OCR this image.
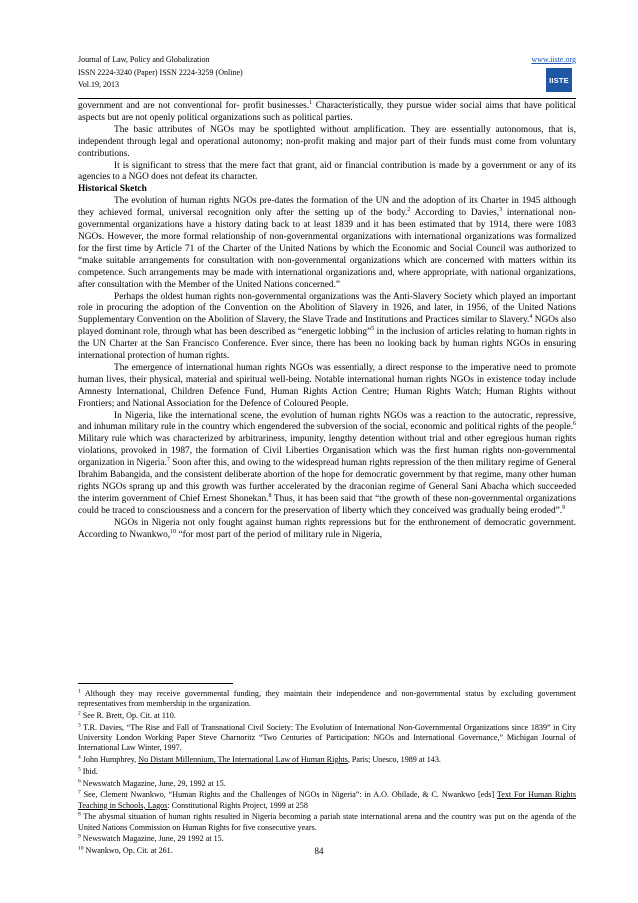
Journal of Law, Policy and Globalization
ISSN 2224-3240 (Paper) ISSN 2224-3259 (Online)
Vol.19, 2013
www.iiste.org
IISTE

government and are not conventional for- profit businesses.$^1$ Characteristically, they pursue wider social aims that have political aspects but are not openly political organizations such as political parties.

The basic attributes of NGOs may be spotlighted without amplification. They are essentially autonomous, that is, independent through legal and operational autonomy; non-profit making and major part of their funds must come from voluntary contributions.

It is significant to stress that the mere fact that grant, aid or financial contribution is made by a government or any of its agencies to a NGO does not defeat its character.

Historical Sketch

The evolution of human rights NGOs pre-dates the formation of the UN and the adoption of its Charter in 1945 although they achieved formal, universal recognition only after the setting up of the body.$^2$ According to Davies,$^3$ international non-governmental organizations have a history dating back to at least 1839 and it has been estimated that by 1914, there were 1083 NGOs. However, the more formal relationship of non-governmental organizations with international organizations was formalized for the first time by Article 71 of the Charter of the United Nations by which the Economic and Social Council was authorized to “make suitable arrangements for consultation with non-governmental organizations which are concerned with matters within its competence. Such arrangements may be made with international organizations and, where appropriate, with national organizations, after consultation with the Member of the United Nations concerned.”

Perhaps the oldest human rights non-governmental organizations was the Anti-Slavery Society which played an important role in procuring the adoption of the Convention on the Abolition of Slavery in 1926, and later, in 1956, of the United Nations Supplementary Convention on the Abolition of Slavery, the Slave Trade and Institutions and Practices similar to Slavery.$^4$ NGOs also played dominant role, through what has been described as “energetic lobbing”$^5$ in the inclusion of articles relating to human rights in the UN Charter at the San Francisco Conference. Ever since, there has been no looking back by human rights NGOs in ensuring international protection of human rights.

The emergence of international human rights NGOs was essentially, a direct response to the imperative need to promote human lives, their physical, material and spiritual well-being. Notable international human rights NGOs in existence today include Amnesty International, Children Defence Fund, Human Rights Action Centre; Human Rights Watch; Human Rights without Frontiers; and National Association for the Defence of Coloured People.

In Nigeria, like the international scene, the evolution of human rights NGOs was a reaction to the autocratic, repressive, and inhuman military rule in the country which engendered the subversion of the social, economic and political rights of the people.$^6$ Military rule which was characterized by arbitrariness, impunity, lengthy detention without trial and other egregious human rights violations, provoked in 1987, the formation of Civil Liberties Organisation which was the first human rights non-governmental organization in Nigeria.$^7$ Soon after this, and owing to the widespread human rights repression of the then military regime of General Ibrahim Babangida, and the consistent deliberate abortion of the hope for democratic government by that regime, many other human rights NGOs sprang up and this growth was further accelerated by the draconian regime of General Sani Abacha which succeeded the interim government of Chief Ernest Shonekan.$^8$ Thus, it has been said that “the growth of these non-governmental organizations could be traced to consciousness and a concern for the preservation of liberty which they conceived was gradually being eroded”.$^9$

NGOs in Nigeria not only fought against human rights repressions but for the enthronement of democratic government. According to Nwankwo,$^{10}$ “for most part of the period of military rule in Nigeria,

$^1$ Although they may receive governmental funding, they maintain their independence and non-governmental status by excluding government representatives from membership in the organization.

$^2$ See R. Brett, Op. Cit. at 110.

$^3$ T.R. Davies, “The Rise and Fall of Transnational Civil Society: The Evolution of International Non-Governmental Organizations since 1839” in City University London Working Paper Steve Charnoritz “Two Centuries of Participation: NGOs and International Governance,” Michigan Journal of International Law Winter, 1997.

$^4$ John Humphrey, No Distant Millennium, The International Law of Human Rights, Paris; Unesco, 1989 at 143.

$^5$ Ibid.

$^6$ Newswatch Magazine, June, 29, 1992 at 15.

$^7$ See, Clement Nwankwo, “Human Rights and the Challenges of NGOs in Nigeria”: in A.O. Obilade, & C. Nwankwo [eds] Text For Human Rights Teaching in Schools, Lagos: Constitutional Rights Project, 1999 at 258

$^8$ The abysmal situation of human rights resulted in Nigeria becoming a pariah state international arena and the country was put on the agenda of the United Nations Commission on Human Rights for five consecutive years.

$^9$ Newswatch Magazine, June, 29 1992 at 15.

$^{10}$ Nwankwo, Op. Cit. at 261.	84
